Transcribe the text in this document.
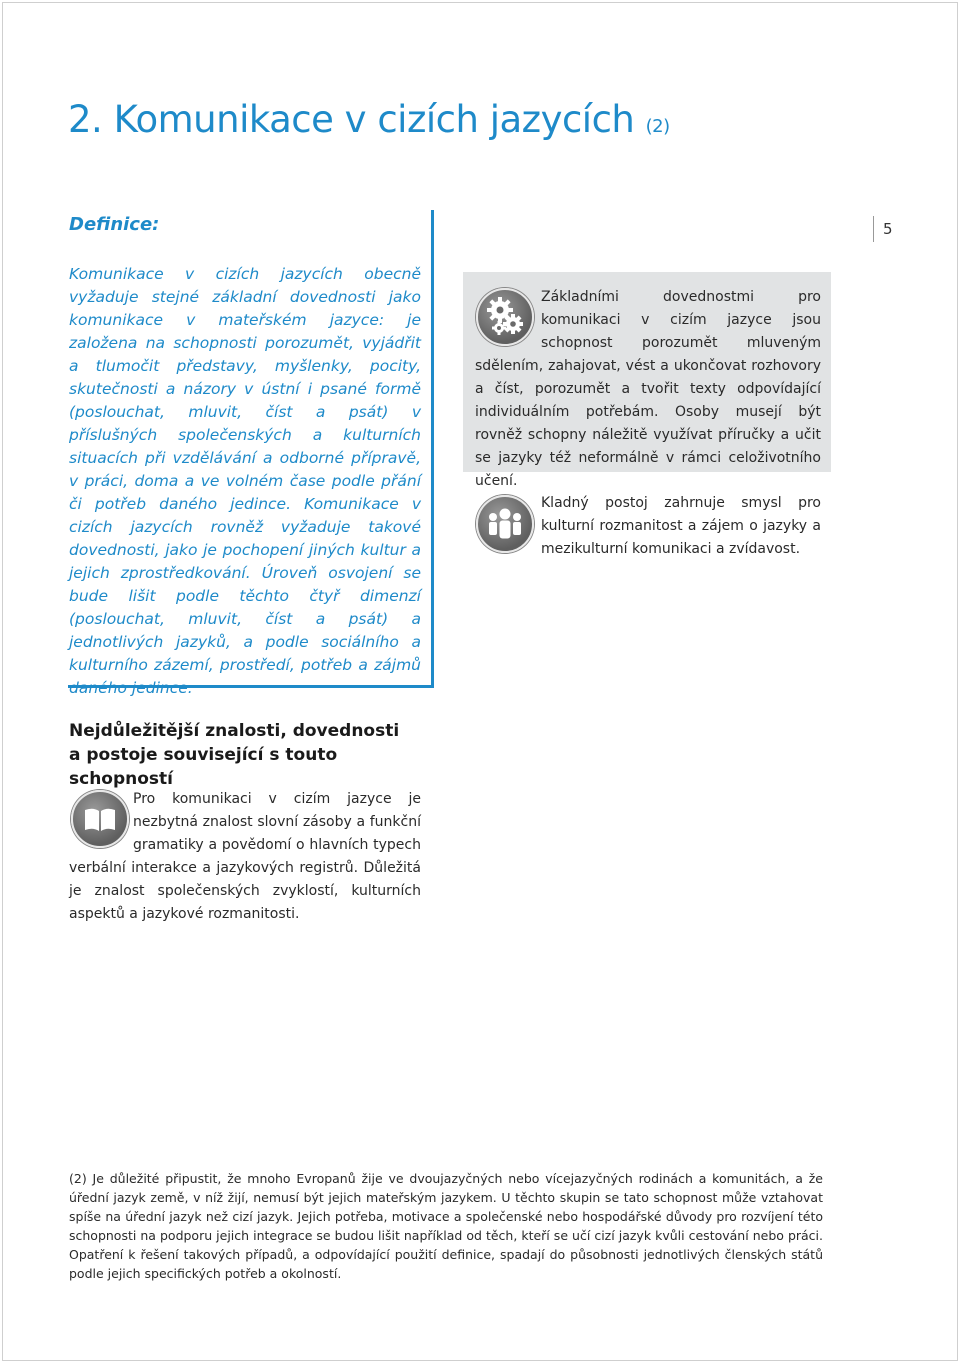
2. Komunikace v cizích jazycích (2)
5
Definice:

Komunikace v cizích jazycích obecně vyžaduje stejné základní dovednosti jako komunikace v mateřském jazyce: je založena na schopnosti porozumět, vyjádřit a tlumočit představy, myšlenky, pocity, skutečnosti a názory v ústní i psané formě (poslouchat, mluvit, číst a psát) v příslušných společenských a kulturních situacích při vzdělávání a odborné přípravě, v práci, doma a ve volném čase podle přání či potřeb daného jedince. Komunikace v cizích jazycích rovněž vyžaduje takové dovednosti, jako je pochopení jiných kultur a jejich zprostředkování. Úroveň osvojení se bude lišit podle těchto čtyř dimenzí (poslouchat, mluvit, číst a psát) a jednotlivých jazyků, a podle sociálního a kulturního zázemí, prostředí, potřeb a zájmů daného jedince.

Základními dovednostmi pro komunikaci v cizím jazyce jsou schopnost porozumět mluveným sdělením, zahajovat, vést a ukončovat rozhovory a číst, porozumět a tvořit texty odpovídající individuálním potřebám. Osoby musejí být rovněž schopny náležitě využívat příručky a učit se jazyky též neformálně v rámci celoživotního učení.

Kladný postoj zahrnuje smysl pro kulturní rozmanitost a zájem o jazyky a mezikulturní komunikaci a zvídavost.

Nejdůležitější znalosti, dovednosti
a postoje související s touto schopností
Pro komunikaci v cizím jazyce je nezbytná znalost slovní zásoby a funkční gramatiky a povědomí o hlavních typech verbální interakce a jazykových registrů. Důležitá je znalost společenských zvyklostí, kulturních aspektů a jazykové rozmanitosti.

(2) Je důležité připustit, že mnoho Evropanů žije ve dvoujazyčných nebo vícejazyčných rodinách a komunitách, a že úřední jazyk země, v níž žijí, nemusí být jejich mateřským jazykem. U těchto skupin se tato schopnost může vztahovat spíše na úřední jazyk než cizí jazyk. Jejich potřeba, motivace a společenské nebo hospodářské důvody pro rozvíjení této schopnosti na podporu jejich integrace se budou lišit například od těch, kteří se učí cizí jazyk kvůli cestování nebo práci. Opatření k řešení takových případů, a odpovídající použití definice, spadají do působnosti jednotlivých členských států podle jejich specifických potřeb a okolností.
